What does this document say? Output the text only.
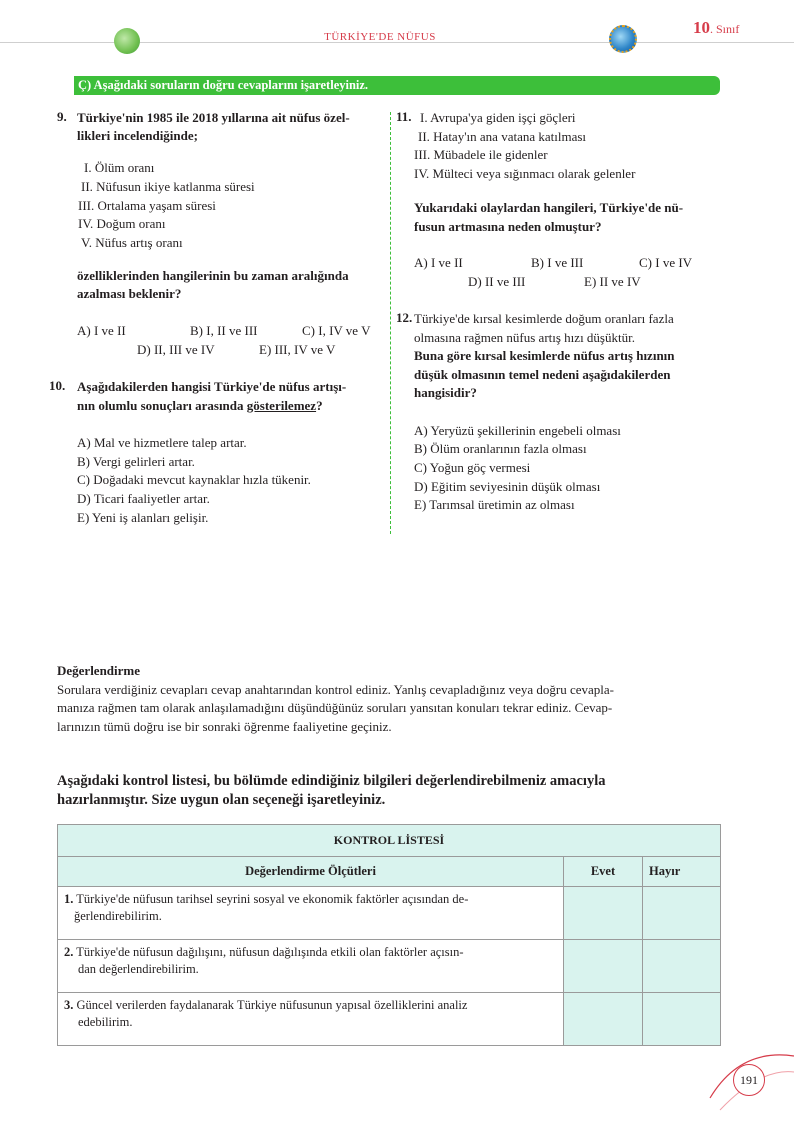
TÜRKİYE'DE NÜFUS	10. Sınıf
Ç) Aşağıdaki soruların doğru cevaplarını işaretleyiniz.
9. Türkiye'nin 1985 ile 2018 yıllarına ait nüfus özel-
likleri incelendiğinde;
I. Ölüm oranı
II. Nüfusun ikiye katlanma süresi
III. Ortalama yaşam süresi
IV. Doğum oranı
V. Nüfus artış oranı
özelliklerinden hangilerinin bu zaman aralığında
azalması beklenir?
A) I ve II	B) I, II ve III	C) I, IV ve V
D) II, III ve IV	E) III, IV ve V
10. Aşağıdakilerden hangisi Türkiye'de nüfus artışı-
nın olumlu sonuçları arasında gösterilemez?
A) Mal ve hizmetlere talep artar.
B) Vergi gelirleri artar.
C) Doğadaki mevcut kaynaklar hızla tükenir.
D) Ticari faaliyetler artar.
E) Yeni iş alanları gelişir.
11. I. Avrupa'ya giden işçi göçleri
II. Hatay'ın ana vatana katılması
III. Mübadele ile gidenler
IV. Mülteci veya sığınmacı olarak gelenler
Yukarıdaki olaylardan hangileri, Türkiye'de nü-
fusun artmasına neden olmuştur?
A) I ve II	B) I ve III	C) I ve IV
D) II ve III	E) II ve IV
12. Türkiye'de kırsal kesimlerde doğum oranları fazla
olmasına rağmen nüfus artış hızı düşüktür.
Buna göre kırsal kesimlerde nüfus artış hızının
düşük olmasının temel nedeni aşağıdakilerden
hangisidir?
A) Yeryüzü şekillerinin engebeli olması
B) Ölüm oranlarının fazla olması
C) Yoğun göç vermesi
D) Eğitim seviyesinin düşük olması
E) Tarımsal üretimin az olması
Değerlendirme
Sorulara verdiğiniz cevapları cevap anahtarından kontrol ediniz. Yanlış cevapladığınız veya doğru cevapla-
manıza rağmen tam olarak anlaşılamadığını düşündüğünüz soruları yansıtan konuları tekrar ediniz. Cevap-
larınızın tümü doğru ise bir sonraki öğrenme faaliyetine geçiniz.
Aşağıdaki kontrol listesi, bu bölümde edindiğiniz bilgileri değerlendirebilmeniz amacıyla
hazırlanmıştır. Size uygun olan seçeneği işaretleyiniz.
KONTROL LİSTESİ		
Değerlendirme Ölçütleri	Evet	Hayır

1. Türkiye'de nüfusun tarihsel seyrini sosyal ve ekonomik faktörler açısından de-
ğerlendirebilirim.		

2. Türkiye'de nüfusun dağılışını, nüfusun dağılışında etkili olan faktörler açısın-
dan değerlendirebilirim.		

3. Güncel verilerden faydalanarak Türkiye nüfusunun yapısal özelliklerini analiz
edebilirim.		

191
